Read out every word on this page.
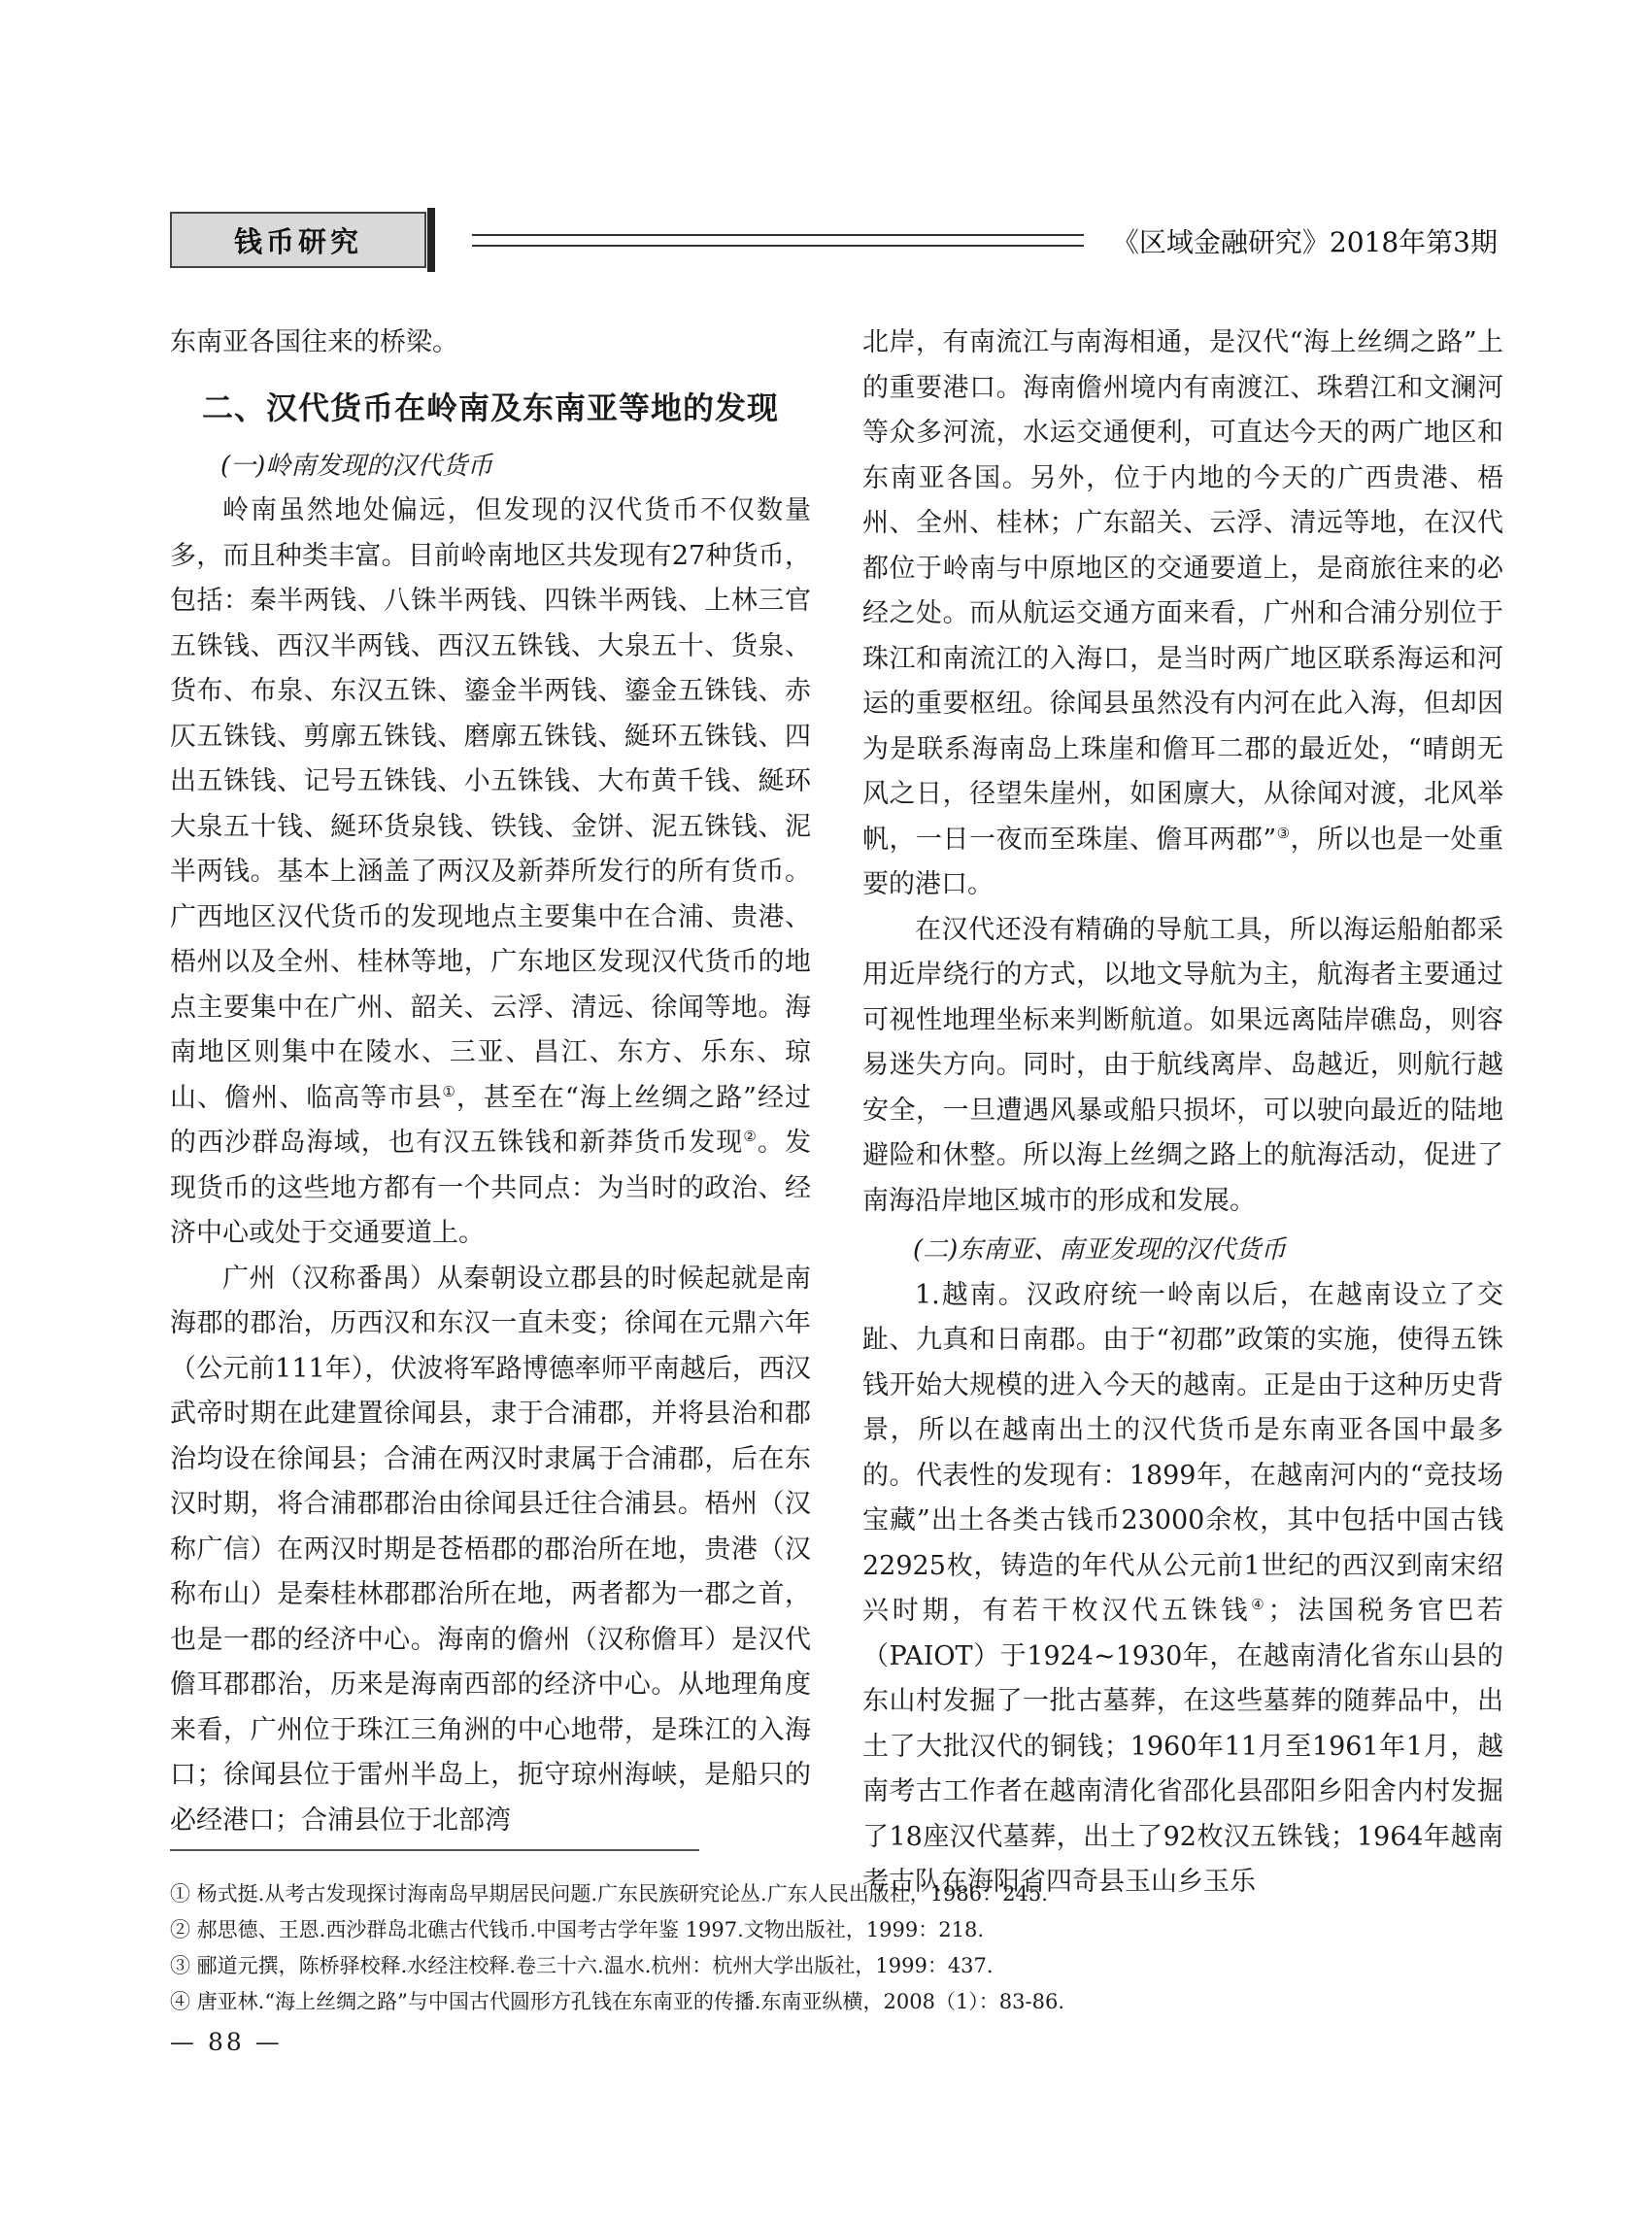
钱币研究	《区域金融研究》2018年第3期

东南亚各国往来的桥梁。

二、汉代货币在岭南及东南亚等地的发现
(一)岭南发现的汉代货币

岭南虽然地处偏远，但发现的汉代货币不仅数量多，而且种类丰富。目前岭南地区共发现有27种货币，包括：秦半两钱、八铢半两钱、四铢半两钱、上林三官五铢钱、西汉半两钱、西汉五铢钱、大泉五十、货泉、货布、布泉、东汉五铢、鎏金半两钱、鎏金五铢钱、赤仄五铢钱、剪廓五铢钱、磨廓五铢钱、綖环五铢钱、四出五铢钱、记号五铢钱、小五铢钱、大布黄千钱、綖环大泉五十钱、綖环货泉钱、铁钱、金饼、泥五铢钱、泥半两钱。基本上涵盖了两汉及新莽所发行的所有货币。广西地区汉代货币的发现地点主要集中在合浦、贵港、梧州以及全州、桂林等地，广东地区发现汉代货币的地点主要集中在广州、韶关、云浮、清远、徐闻等地。海南地区则集中在陵水、三亚、昌江、东方、乐东、琼山、儋州、临高等市县①，甚至在“海上丝绸之路”经过的西沙群岛海域，也有汉五铢钱和新莽货币发现②。发现货币的这些地方都有一个共同点：为当时的政治、经济中心或处于交通要道上。

广州（汉称番禺）从秦朝设立郡县的时候起就是南海郡的郡治，历西汉和东汉一直未变；徐闻在元鼎六年（公元前111年），伏波将军路博德率师平南越后，西汉武帝时期在此建置徐闻县，隶于合浦郡，并将县治和郡治均设在徐闻县；合浦在两汉时隶属于合浦郡，后在东汉时期，将合浦郡郡治由徐闻县迁往合浦县。梧州（汉称广信）在两汉时期是苍梧郡的郡治所在地，贵港（汉称布山）是秦桂林郡郡治所在地，两者都为一郡之首，也是一郡的经济中心。海南的儋州（汉称儋耳）是汉代儋耳郡郡治，历来是海南西部的经济中心。从地理角度来看，广州位于珠江三角洲的中心地带，是珠江的入海口；徐闻县位于雷州半岛上，扼守琼州海峡，是船只的必经港口；合浦县位于北部湾

北岸，有南流江与南海相通，是汉代“海上丝绸之路”上的重要港口。海南儋州境内有南渡江、珠碧江和文澜河等众多河流，水运交通便利，可直达今天的两广地区和东南亚各国。另外，位于内地的今天的广西贵港、梧州、全州、桂林；广东韶关、云浮、清远等地，在汉代都位于岭南与中原地区的交通要道上，是商旅往来的必经之处。而从航运交通方面来看，广州和合浦分别位于珠江和南流江的入海口，是当时两广地区联系海运和河运的重要枢纽。徐闻县虽然没有内河在此入海，但却因为是联系海南岛上珠崖和儋耳二郡的最近处，“晴朗无风之日，径望朱崖州，如囷廪大，从徐闻对渡，北风举帆，一日一夜而至珠崖、儋耳两郡”③，所以也是一处重要的港口。

在汉代还没有精确的导航工具，所以海运船舶都采用近岸绕行的方式，以地文导航为主，航海者主要通过可视性地理坐标来判断航道。如果远离陆岸礁岛，则容易迷失方向。同时，由于航线离岸、岛越近，则航行越安全，一旦遭遇风暴或船只损坏，可以驶向最近的陆地避险和休整。所以海上丝绸之路上的航海活动，促进了南海沿岸地区城市的形成和发展。

(二)东南亚、南亚发现的汉代货币

1.越南。汉政府统一岭南以后，在越南设立了交趾、九真和日南郡。由于“初郡”政策的实施，使得五铢钱开始大规模的进入今天的越南。正是由于这种历史背景，所以在越南出土的汉代货币是东南亚各国中最多的。代表性的发现有：1899年，在越南河内的“竞技场宝藏”出土各类古钱币23000余枚，其中包括中国古钱22925枚，铸造的年代从公元前1世纪的西汉到南宋绍兴时期，有若干枚汉代五铢钱④；法国税务官巴若（PAIOT）于1924~1930年，在越南清化省东山县的东山村发掘了一批古墓葬，在这些墓葬的随葬品中，出土了大批汉代的铜钱；1960年11月至1961年1月，越南考古工作者在越南清化省邵化县邵阳乡阳舍内村发掘了18座汉代墓葬，出土了92枚汉五铢钱；1964年越南考古队在海阳省四奇县玉山乡玉乐

① 杨式挺.从考古发现探讨海南岛早期居民问题.广东民族研究论丛.广东人民出版社，1986：245.
② 郝思德、王恩.西沙群岛北礁古代钱币.中国考古学年鉴 1997.文物出版社，1999：218.
③ 郦道元撰，陈桥驿校释.水经注校释.卷三十六.温水.杭州：杭州大学出版社，1999：437.
④ 唐亚林.“海上丝绸之路”与中国古代圆形方孔钱在东南亚的传播.东南亚纵横，2008（1）：83-86.
— 88 —
